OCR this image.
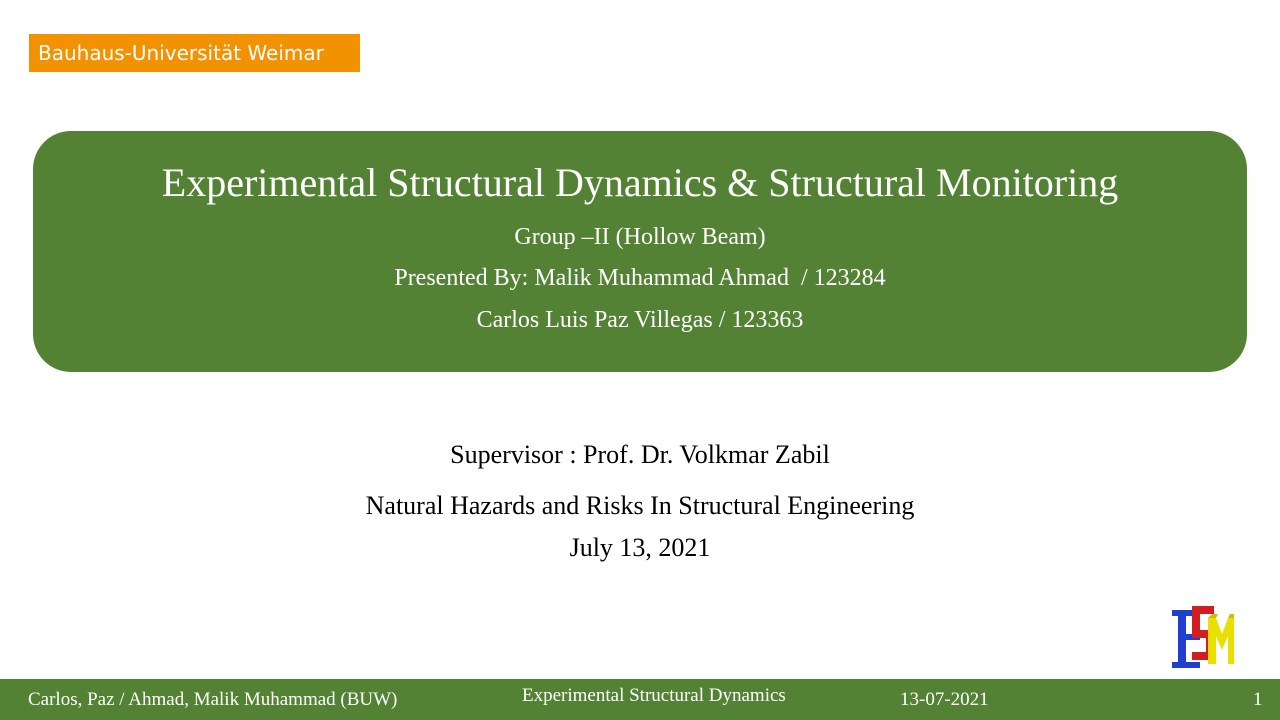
Bauhaus-Universität Weimar
Experimental Structural Dynamics & Structural Monitoring
Group –II (Hollow Beam)
Presented By: Malik Muhammad Ahmad  / 123284
Carlos Luis Paz Villegas / 123363
Supervisor : Prof. Dr. Volkmar Zabil
Natural Hazards and Risks In Structural Engineering
July 13, 2021
Carlos, Paz / Ahmad, Malik Muhammad (BUW)	Experimental Structural Dynamics	13-07-2021	1
